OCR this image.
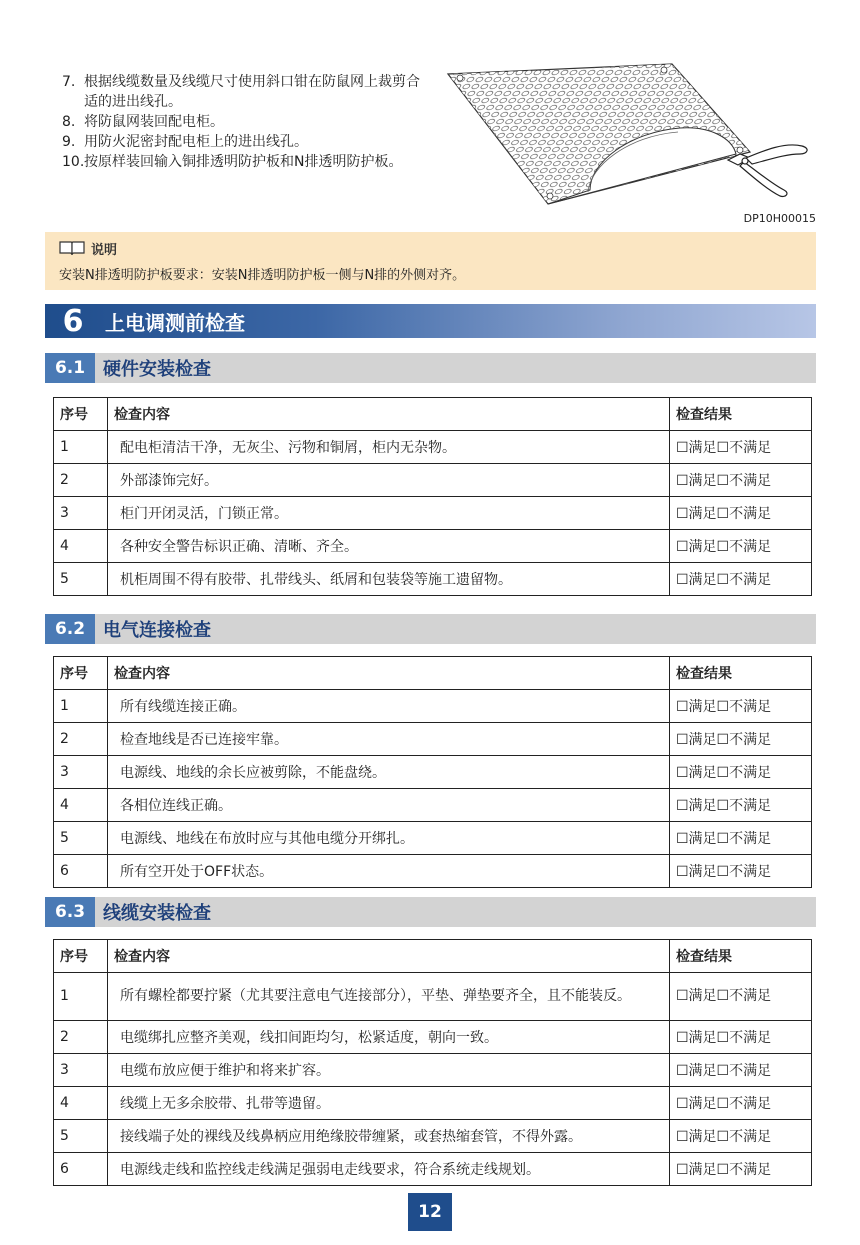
7. 根据线缆数量及线缆尺寸使用斜口钳在防鼠网上裁剪合适的进出线孔。
8. 将防鼠网装回配电柜。
9. 用防火泥密封配电柜上的进出线孔。
10. 按原样装回输入铜排透明防护板和N排透明防护板。
DP10H00015
说明
安装N排透明防护板要求：安装N排透明防护板一侧与N排的外侧对齐。
6	上电调测前检查
6.1 硬件安装检查
序号	检查内容	检查结果
1	配电柜清洁干净，无灰尘、污物和铜屑，柜内无杂物。	☐满足☐不满足
2	外部漆饰完好。	☐满足☐不满足
3	柜门开闭灵活，门锁正常。	☐满足☐不满足
4	各种安全警告标识正确、清晰、齐全。	☐满足☐不满足
5	机柜周围不得有胶带、扎带线头、纸屑和包装袋等施工遗留物。	☐满足☐不满足
6.2 电气连接检查
序号	检查内容	检查结果
1	所有线缆连接正确。	☐满足☐不满足
2	检查地线是否已连接牢靠。	☐满足☐不满足
3	电源线、地线的余长应被剪除，不能盘绕。	☐满足☐不满足
4	各相位连线正确。	☐满足☐不满足
5	电源线、地线在布放时应与其他电缆分开绑扎。	☐满足☐不满足
6	所有空开处于OFF状态。	☐满足☐不满足
6.3 线缆安装检查
序号	检查内容	检查结果
1	所有螺栓都要拧紧（尤其要注意电气连接部分），平垫、弹垫要齐全，且不能装反。	☐满足☐不满足
2	电缆绑扎应整齐美观，线扣间距均匀，松紧适度，朝向一致。	☐满足☐不满足
3	电缆布放应便于维护和将来扩容。	☐满足☐不满足
4	线缆上无多余胶带、扎带等遗留。	☐满足☐不满足
5	接线端子处的裸线及线鼻柄应用绝缘胶带缠紧，或套热缩套管，不得外露。	☐满足☐不满足
6	电源线走线和监控线走线满足强弱电走线要求，符合系统走线规划。	☐满足☐不满足
12
